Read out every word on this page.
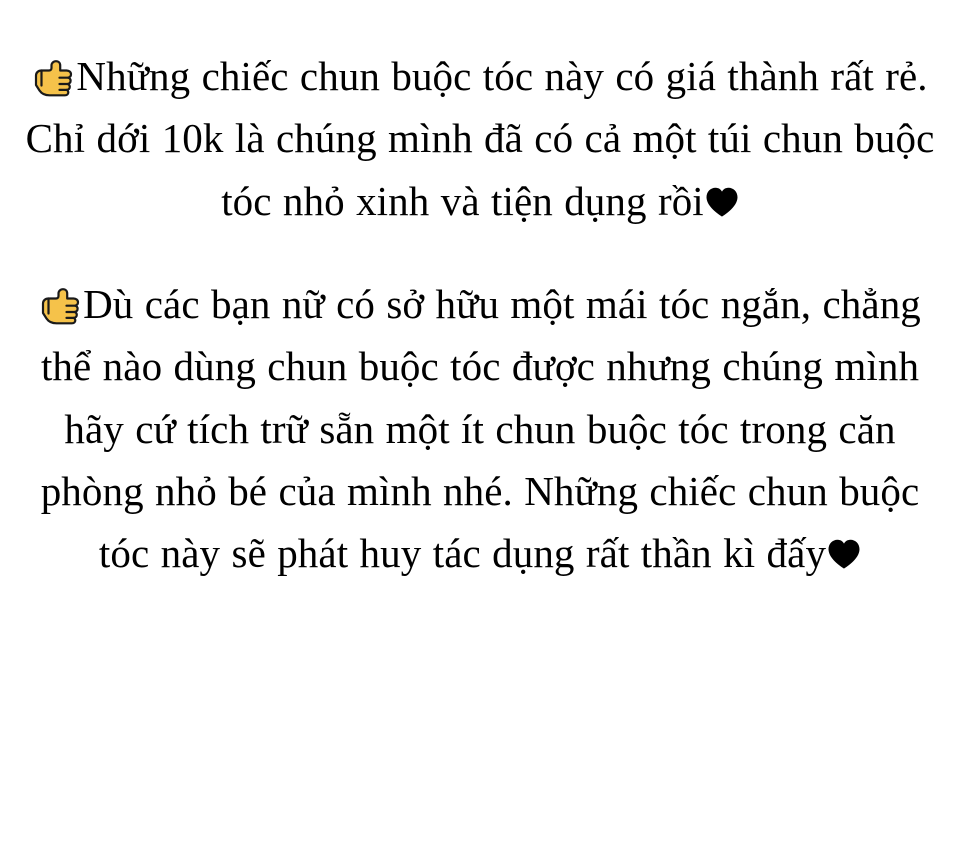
Những chiếc chun buộc tóc này có giá thành rất rẻ. Chỉ dới 10k là chúng mình đã có cả một túi chun buộc tóc nhỏ xinh và tiện dụng rồi

Dù các bạn nữ có sở hữu một mái tóc ngắn, chẳng thể nào dùng chun buộc tóc được nhưng chúng mình hãy cứ tích trữ sẵn một ít chun buộc tóc trong căn phòng nhỏ bé của mình nhé. Những chiếc chun buộc tóc này sẽ phát huy tác dụng rất thần kì đấy
